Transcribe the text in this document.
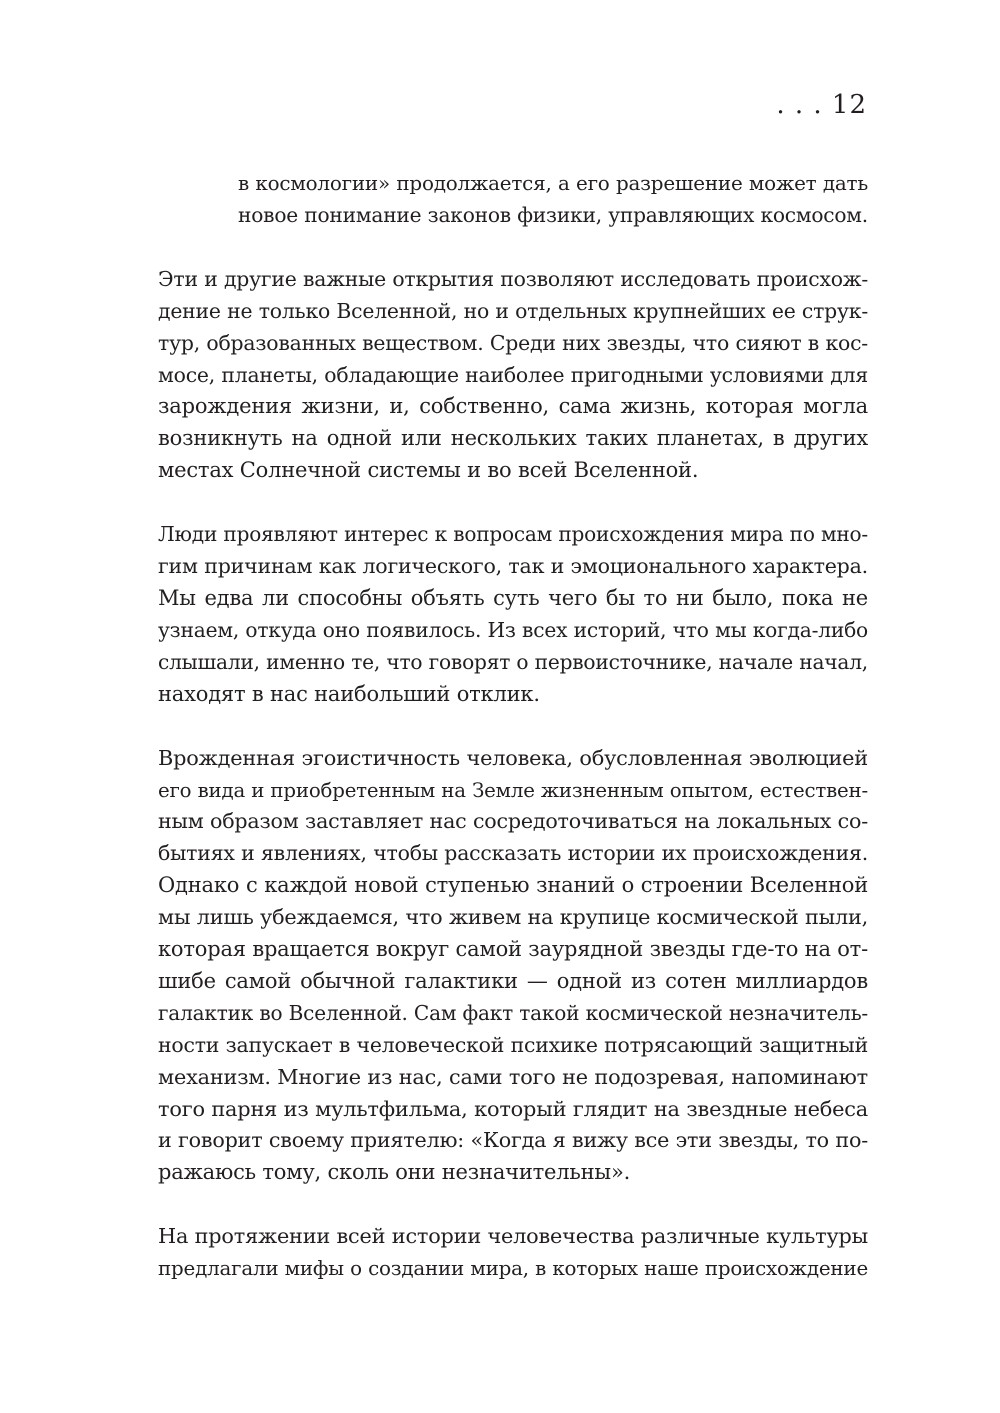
. . . 12
в космологии» продолжается, а его разрешение может дать
новое понимание законов физики, управляющих космосом.
Эти и другие важные открытия позволяют исследовать происхож-
дение не только Вселенной, но и отдельных крупнейших ее струк-
тур, образованных веществом. Среди них звезды, что сияют в кос-
мосе, планеты, обладающие наиболее пригодными условиями для
зарождения жизни, и, собственно, сама жизнь, которая могла
возникнуть на одной или нескольких таких планетах, в других
местах Солнечной системы и во всей Вселенной.
Люди проявляют интерес к вопросам происхождения мира по мно-
гим причинам как логического, так и эмоционального характера.
Мы едва ли способны объять суть чего бы то ни было, пока не
узнаем, откуда оно появилось. Из всех историй, что мы когда-либо
слышали, именно те, что говорят о первоисточнике, начале начал,
находят в нас наибольший отклик.
Врожденная эгоистичность человека, обусловленная эволюцией
его вида и приобретенным на Земле жизненным опытом, естествен-
ным образом заставляет нас сосредоточиваться на локальных со-
бытиях и явлениях, чтобы рассказать истории их происхождения.
Однако с каждой новой ступенью знаний о строении Вселенной
мы лишь убеждаемся, что живем на крупице космической пыли,
которая вращается вокруг самой заурядной звезды где-то на от-
шибе самой обычной галактики — одной из сотен миллиардов
галактик во Вселенной. Сам факт такой космической незначитель-
ности запускает в человеческой психике потрясающий защитный
механизм. Многие из нас, сами того не подозревая, напоминают
того парня из мультфильма, который глядит на звездные небеса
и говорит своему приятелю: «Когда я вижу все эти звезды, то по-
ражаюсь тому, сколь они незначительны».
На протяжении всей истории человечества различные культуры
предлагали мифы о создании мира, в которых наше происхождение
